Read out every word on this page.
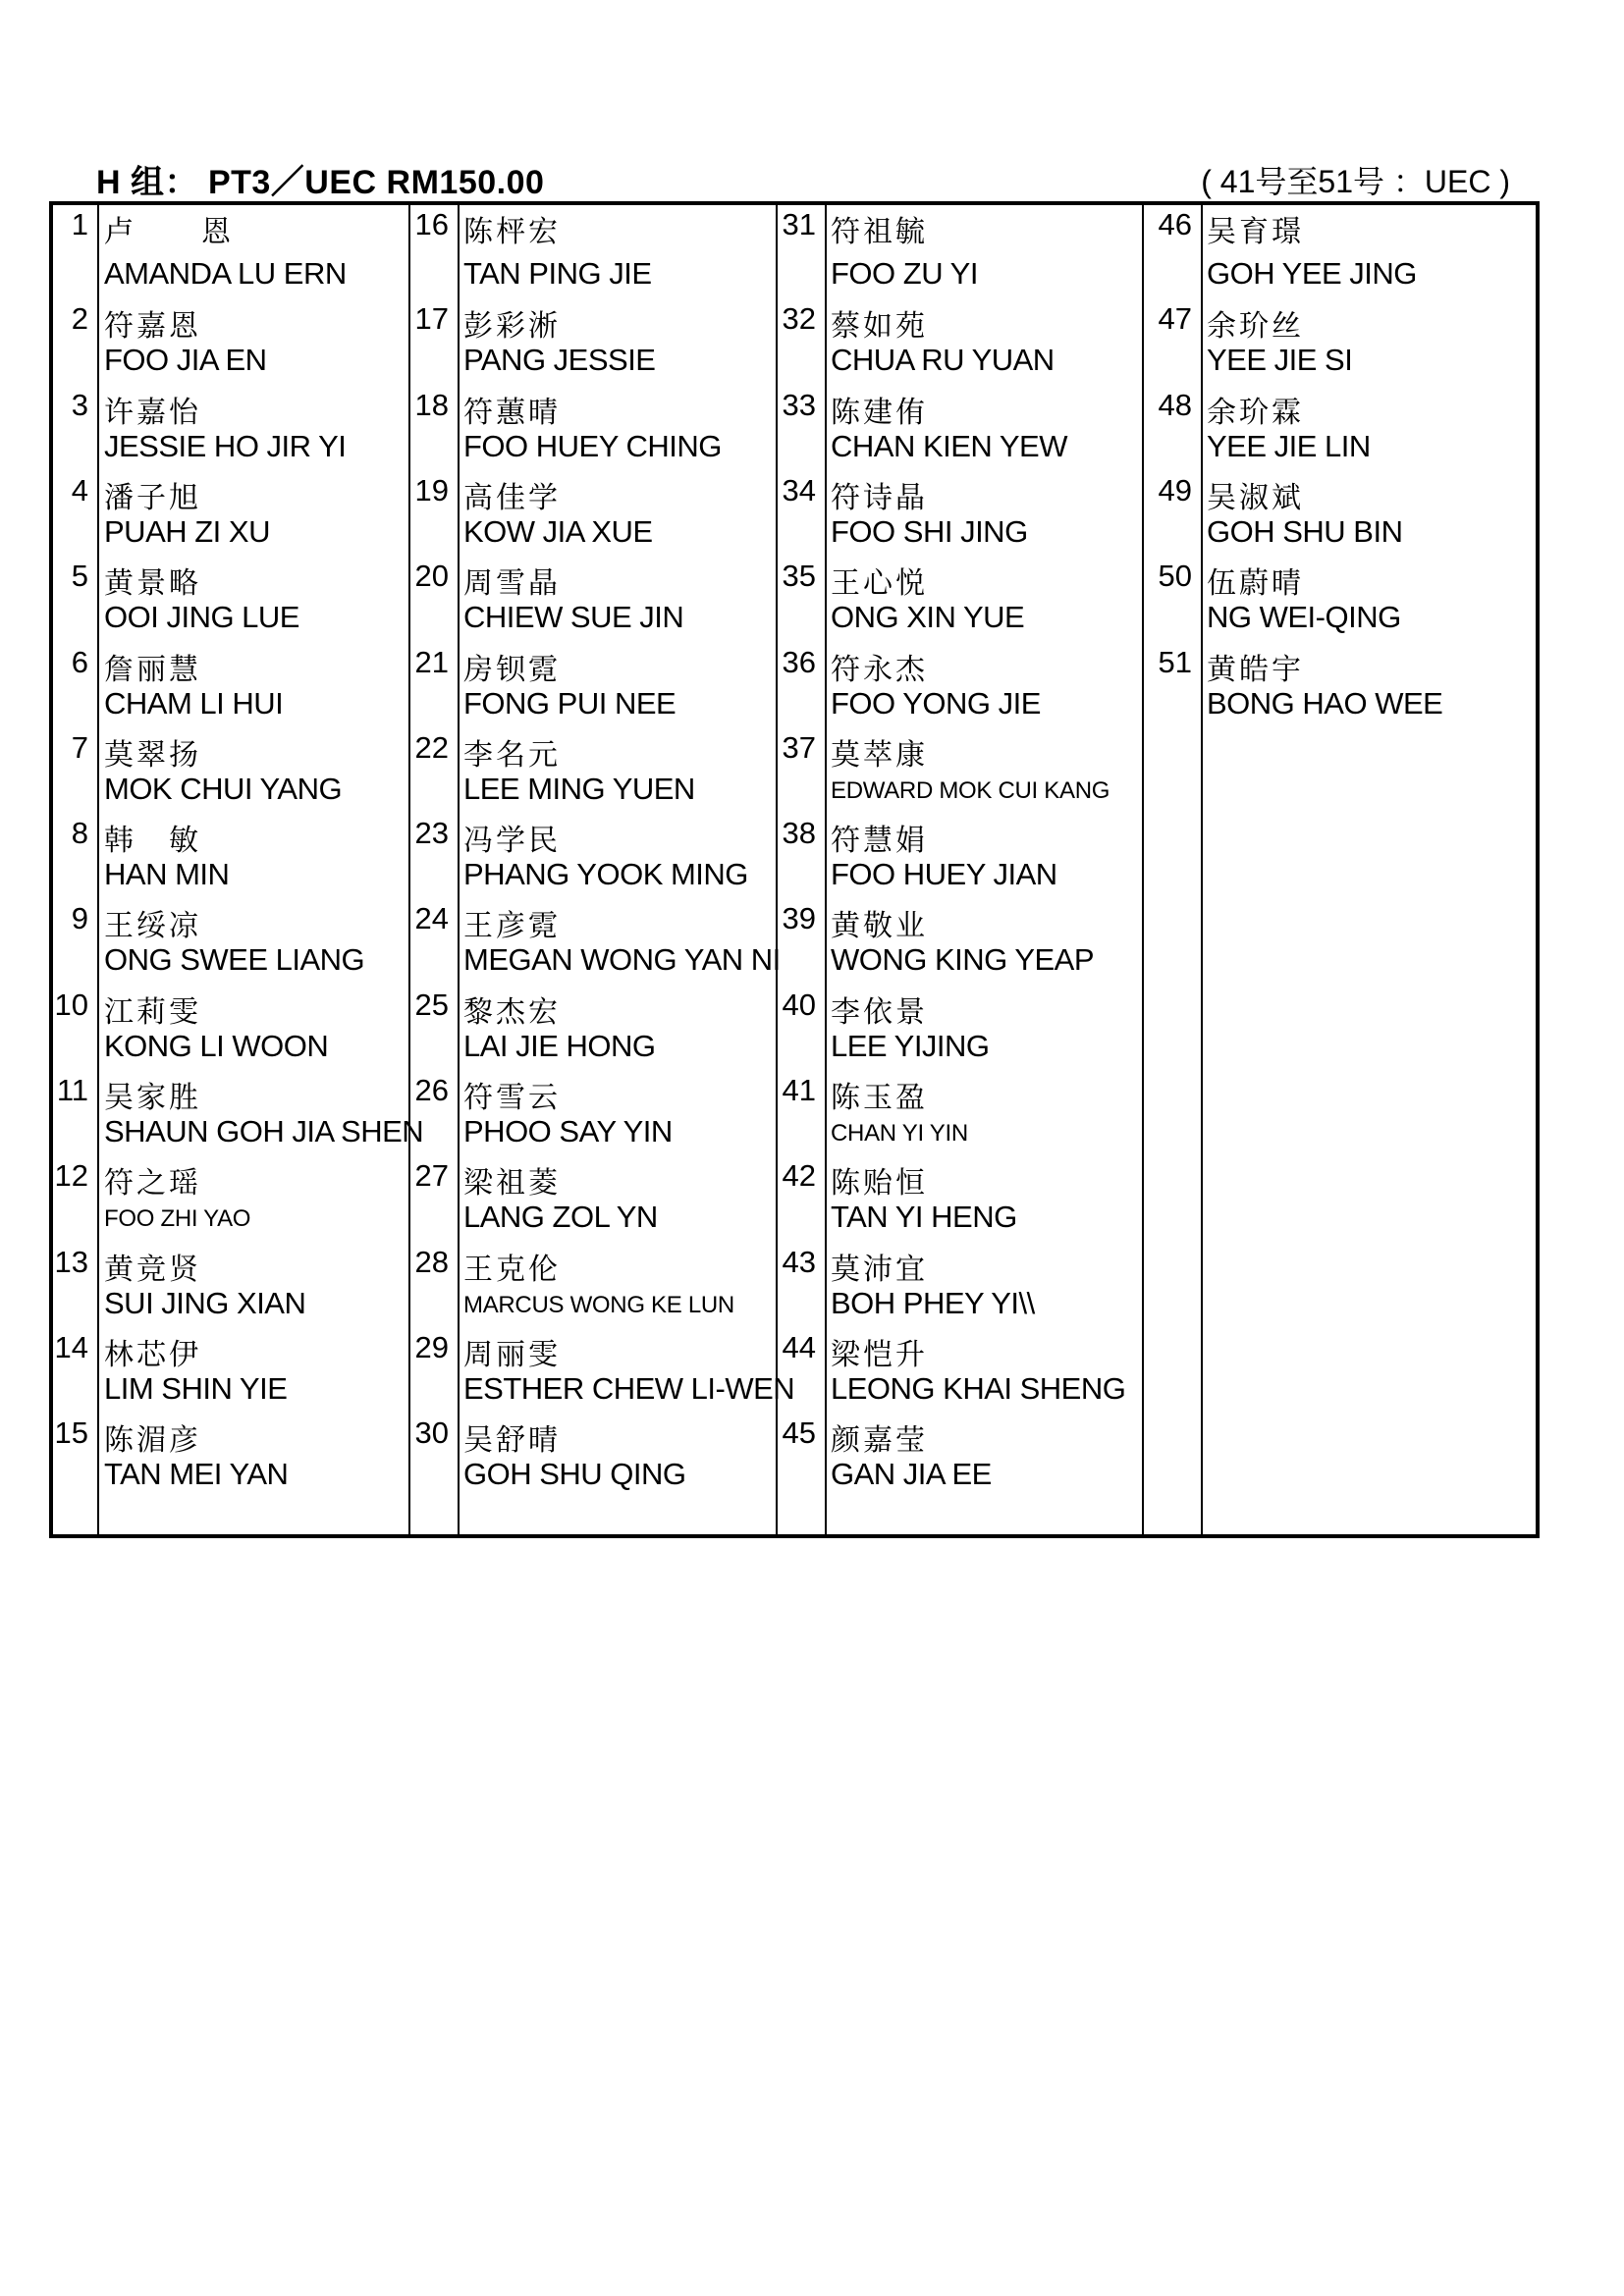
H 组： PT3／UEC RM150.00	( 41号至51号 ：UEC )
1 卢　　恩
AMANDA LU ERN
2 符嘉恩
FOO JIA EN
3 许嘉怡
JESSIE HO JIR YI
4 潘子旭
PUAH ZI XU
5 黄景略
OOI JING LUE
6 詹丽慧
CHAM LI HUI
7 莫翠扬
MOK CHUI YANG
8 韩　敏
HAN MIN
9 王绥凉
ONG SWEE LIANG
10 江莉雯
KONG LI WOON
11 吴家胜
SHAUN GOH JIA SHEN
12 符之瑶
FOO ZHI YAO
13 黄竞贤
SUI JING XIAN
14 林芯伊
LIM SHIN YIE
15 陈湄彦
TAN MEI YAN
16 陈枰宏
TAN PING JIE
17 彭彩淅
PANG JESSIE
18 符蕙晴
FOO HUEY CHING
19 高佳学
KOW JIA XUE
20 周雪晶
CHIEW SUE JIN
21 房钡霓
FONG PUI NEE
22 李名元
LEE MING YUEN
23 冯学民
PHANG YOOK MING
24 王彦霓
MEGAN WONG YAN NI
25 黎杰宏
LAI JIE HONG
26 符雪云
PHOO SAY YIN
27 梁祖菱
LANG ZOL YN
28 王克伦
MARCUS WONG KE LUN
29 周丽雯
ESTHER CHEW LI-WEN
30 吴舒晴
GOH SHU QING
31 符祖毓
FOO ZU YI
32 蔡如苑
CHUA RU YUAN
33 陈建侑
CHAN KIEN YEW
34 符诗晶
FOO SHI JING
35 王心悦
ONG XIN YUE
36 符永杰
FOO YONG JIE
37 莫萃康
EDWARD MOK CUI KANG
38 符慧娟
FOO HUEY JIAN
39 黄敬业
WONG KING YEAP
40 李依景
LEE YIJING
41 陈玉盈
CHAN YI YIN
42 陈贻恒
TAN YI HENG
43 莫沛宜
BOH PHEY YI\\
44 梁恺升
LEONG KHAI SHENG
45 颜嘉莹
GAN JIA EE
46 吴育璟
GOH YEE JING
47 余玠丝
YEE JIE SI
48 余玠霖
YEE JIE LIN
49 吴淑斌
GOH SHU BIN
50 伍蔚晴
NG WEI-QING
51 黄皓宇
BONG HAO WEE
